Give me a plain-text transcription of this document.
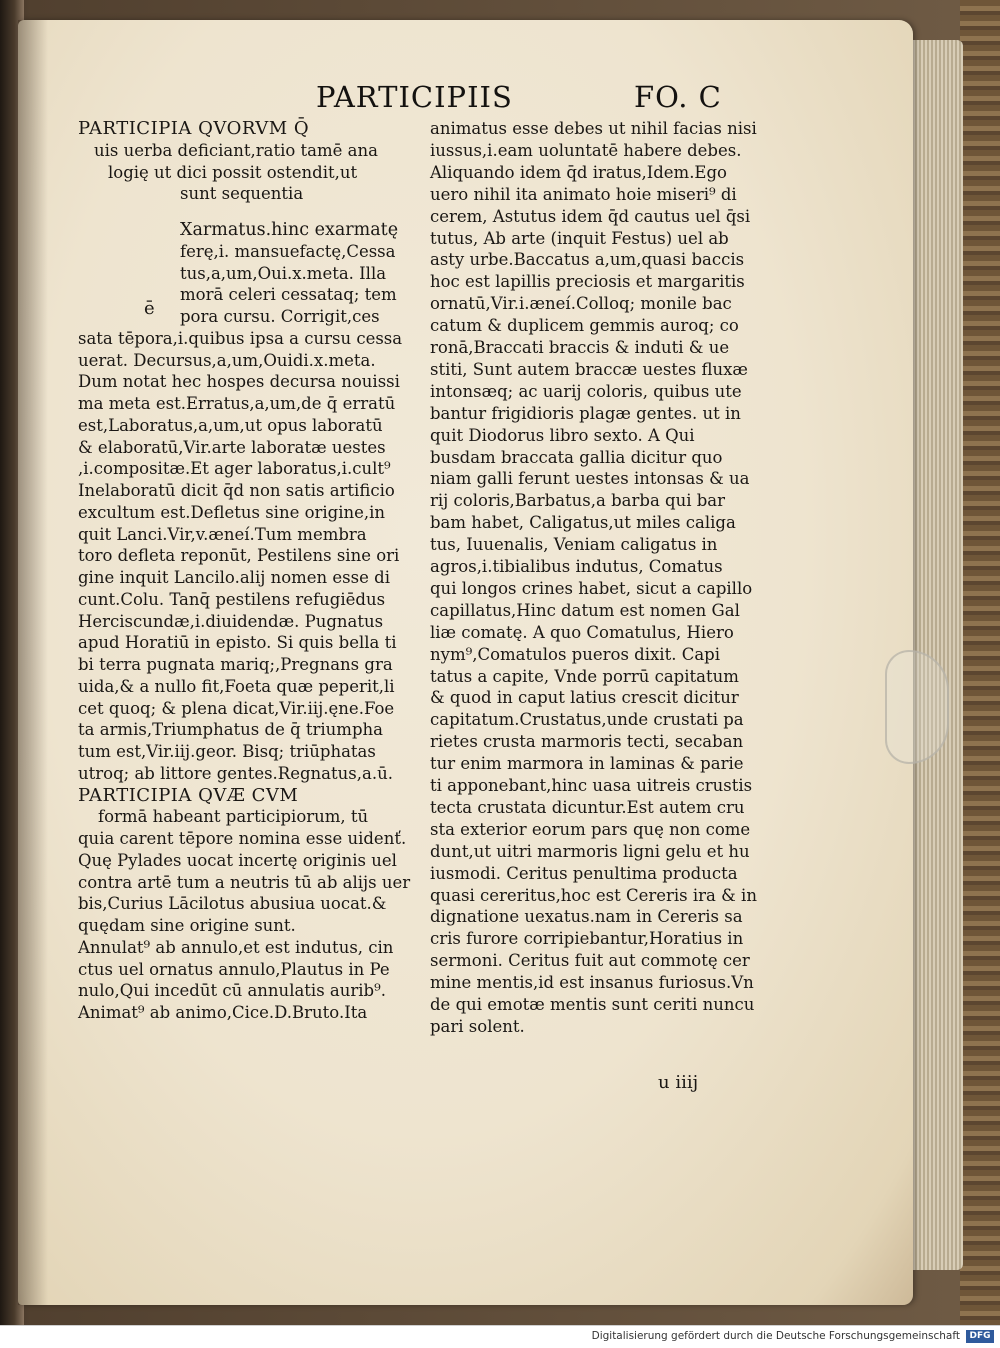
PARTICIPIIS	FO. C
PARTICIPIA QVORVM Q̄
uis uerba deficiant,ratio tamē ana
logię ut dici possit ostendit,ut
sunt sequentia
Xarmatus.hinc exarmatę
ferę,i. mansuefactę,Cessa
tus,a,um,Oui.x.meta. Illa
morā celeri cessataq; tem
pora cursu. Corrigit,ces
sata tēpora,i.quibus ipsa a cursu cessa
uerat. Decursus,a,um,Ouidi.x.meta.
Dum notat hec hospes decursa nouissi
ma meta est.Erratus,a,um,de q̄ erratū
est,Laboratus,a,um,ut opus laboratū
& elaboratū,Vir.arte laboratæ uestes
,i.compositæ.Et ager laboratus,i.cult⁹
Inelaboratū dicit q̄d non satis artificio
excultum est.Defletus sine origine,in
quit Lanci.Vir,v.æneí.Tum membra
toro defleta reponūt, Pestilens sine ori
gine inquit Lancilo.alij nomen esse di
cunt.Colu. Tanq̄ pestilens refugiēdus
Herciscundæ,i.diuidendæ. Pugnatus
apud Horatiū in episto. Si quis bella ti
bi terra pugnata mariq;,Pregnans gra
uida,& a nullo fit,Foeta quæ peperit,li
cet quoq; & plena dicat,Vir.iij.ęne.Foe
ta armis,Triumphatus de q̄ triumpha
tum est,Vir.iij.geor. Bisq; triūphatas
utroq; ab littore gentes.Regnatus,a.ū.
PARTICIPIA QVÆ CVM
formā habeant participiorum, tū
quia carent tēpore nomina esse uidenť.
Quę Pylades uocat incertę originis uel
contra artē tum a neutris tū ab alijs uer
bis,Curius Lācilotus abusiua uocat.&
quędam sine origine sunt.
Annulat⁹ ab annulo,et est indutus, cin
ctus uel ornatus annulo,Plautus in Pe
nulo,Qui incedūt cū annulatis aurib⁹.
Animat⁹ ab animo,Cice.D.Bruto.Ita
ē
animatus esse debes ut nihil facias nisi
iussus,i.eam uoluntatē habere debes.
Aliquando idem q̄d iratus,Idem.Ego
uero nihil ita animato hoie miseri⁹ di
cerem, Astutus idem q̄d cautus uel q̄si
tutus, Ab arte (inquit Festus) uel ab
asty urbe.Baccatus a,um,quasi baccis
hoc est lapillis preciosis et margaritis
ornatū,Vir.i.æneí.Colloq; monile bac
catum & duplicem gemmis auroq; co
ronā,Braccati braccis & induti & ue
stiti, Sunt autem braccæ uestes fluxæ
intonsæq; ac uarij coloris, quibus ute
bantur frigidioris plagæ gentes. ut in
quit Diodorus libro sexto. A Qui
busdam braccata gallia dicitur quo
niam galli ferunt uestes intonsas & ua
rij coloris,Barbatus,a barba qui bar
bam habet, Caligatus,ut miles caliga
tus, Iuuenalis, Veniam caligatus in
agros,i.tibialibus indutus, Comatus
qui longos crines habet, sicut a capillo
capillatus,Hinc datum est nomen Gal
liæ comatę. A quo Comatulus, Hiero
nym⁹,Comatulos pueros dixit. Capi
tatus a capite, Vnde porrū capitatum
& quod in caput latius crescit dicitur
capitatum.Crustatus,unde crustati pa
rietes crusta marmoris tecti, secaban
tur enim marmora in laminas & parie
ti apponebant,hinc uasa uitreis crustis
tecta crustata dicuntur.Est autem cru
sta exterior eorum pars quę non come
dunt,ut uitri marmoris ligni gelu et hu
iusmodi. Ceritus penultima producta
quasi cereritus,hoc est Cereris ira & in
dignatione uexatus.nam in Cereris sa
cris furore corripiebantur,Horatius in
sermoni. Ceritus fuit aut commotę cer
mine mentis,id est insanus furiosus.Vn
de qui emotæ mentis sunt ceriti nuncu
pari solent.
u iiij
Digitalisierung gefördert durch die Deutsche Forschungsgemeinschaft	DFG
